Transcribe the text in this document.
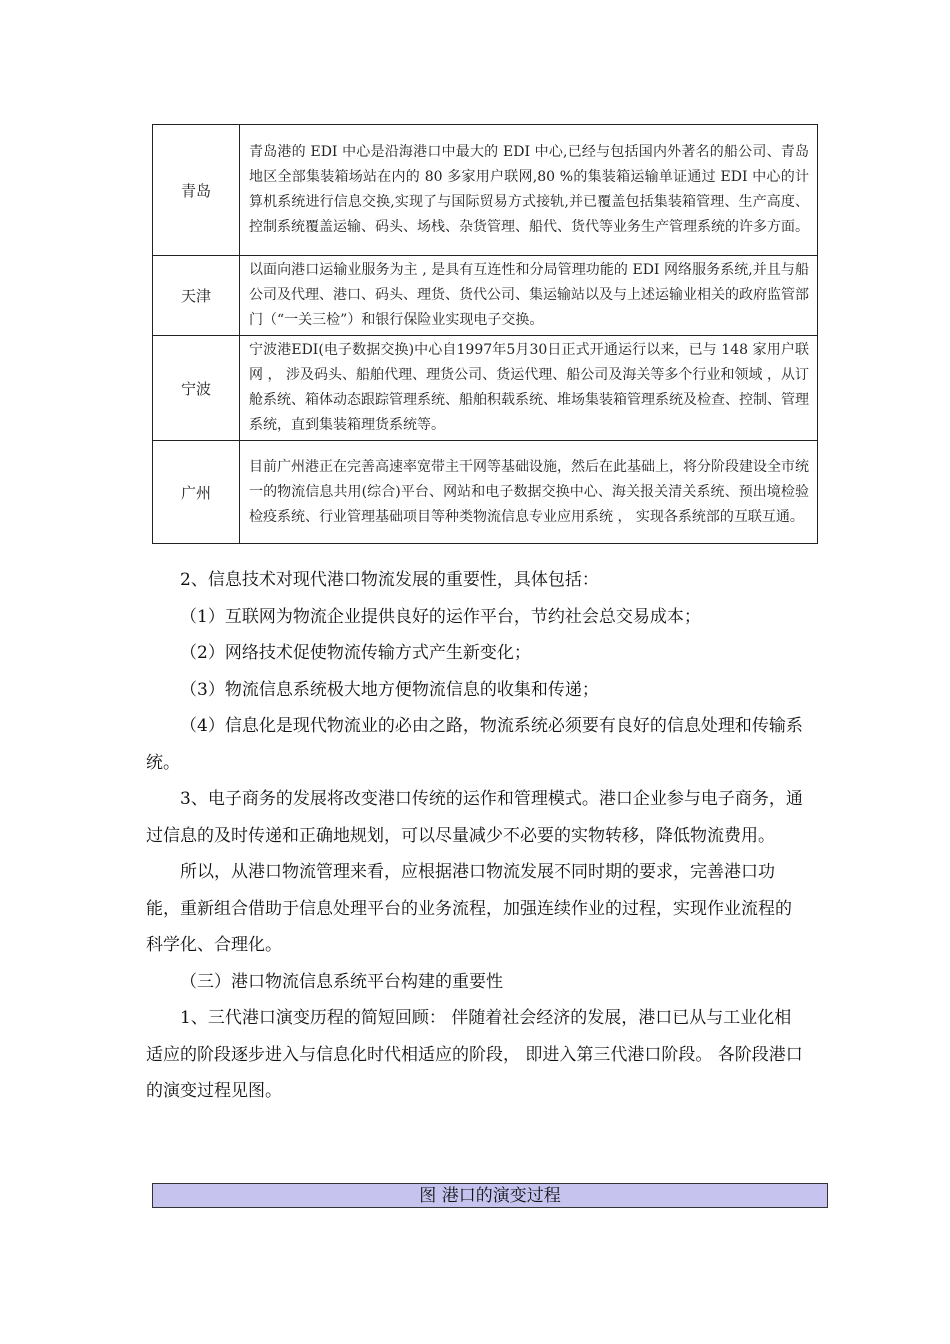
青岛	青岛港的 EDI 中心是沿海港口中最大的 EDI 中心,已经与包括国内外著名的船公司、青岛地区全部集装箱场站在内的 80 多家用户联网,80 %的集装箱运输单证通过 EDI 中心的计算机系统进行信息交换,实现了与国际贸易方式接轨,并已覆盖包括集装箱管理、生产高度、控制系统覆盖运输、码头、场栈、杂货管理、船代、货代等业务生产管理系统的许多方面。
天津	以面向港口运输业服务为主 , 是具有互连性和分局管理功能的 EDI 网络服务系统,并且与船公司及代理、港口、码头、理货、货代公司、集运输站以及与上述运输业相关的政府监管部门（“一关三检”）和银行保险业实现电子交换。
宁波	宁波港EDI(电子数据交换)中心自1997年5月30日正式开通运行以来，已与 148 家用户联网 ， 涉及码头、船舶代理、理货公司、货运代理、船公司及海关等多个行业和领域 ，从订舱系统、箱体动态跟踪管理系统、船舶积载系统、堆场集装箱管理系统及检查、控制、管理系统，直到集装箱理货系统等。
广州	目前广州港正在完善高速率宽带主干网等基础设施，然后在此基础上，将分阶段建设全市统一的物流信息共用(综合)平台、网站和电子数据交换中心、海关报关清关系统、预出境检验检疫系统、行业管理基础项目等种类物流信息专业应用系统 ， 实现各系统部的互联互通。

2、信息技术对现代港口物流发展的重要性，具体包括：

（1）互联网为物流企业提供良好的运作平台，节约社会总交易成本；

（2）网络技术促使物流传输方式产生新变化；

（3）物流信息系统极大地方便物流信息的收集和传递；

（4）信息化是现代物流业的必由之路，物流系统必须要有良好的信息处理和传输系统。

3、电子商务的发展将改变港口传统的运作和管理模式。港口企业参与电子商务，通过信息的及时传递和正确地规划，可以尽量减少不必要的实物转移，降低物流费用。

所以，从港口物流管理来看，应根据港口物流发展不同时期的要求，完善港口功能，重新组合借助于信息处理平台的业务流程，加强连续作业的过程，实现作业流程的科学化、合理化。

（三）港口物流信息系统平台构建的重要性

1、三代港口演变历程的简短回顾： 伴随着社会经济的发展，港口已从与工业化相适应的阶段逐步进入与信息化时代相适应的阶段， 即进入第三代港口阶段。 各阶段港口的演变过程见图。

图 港口的演变过程
